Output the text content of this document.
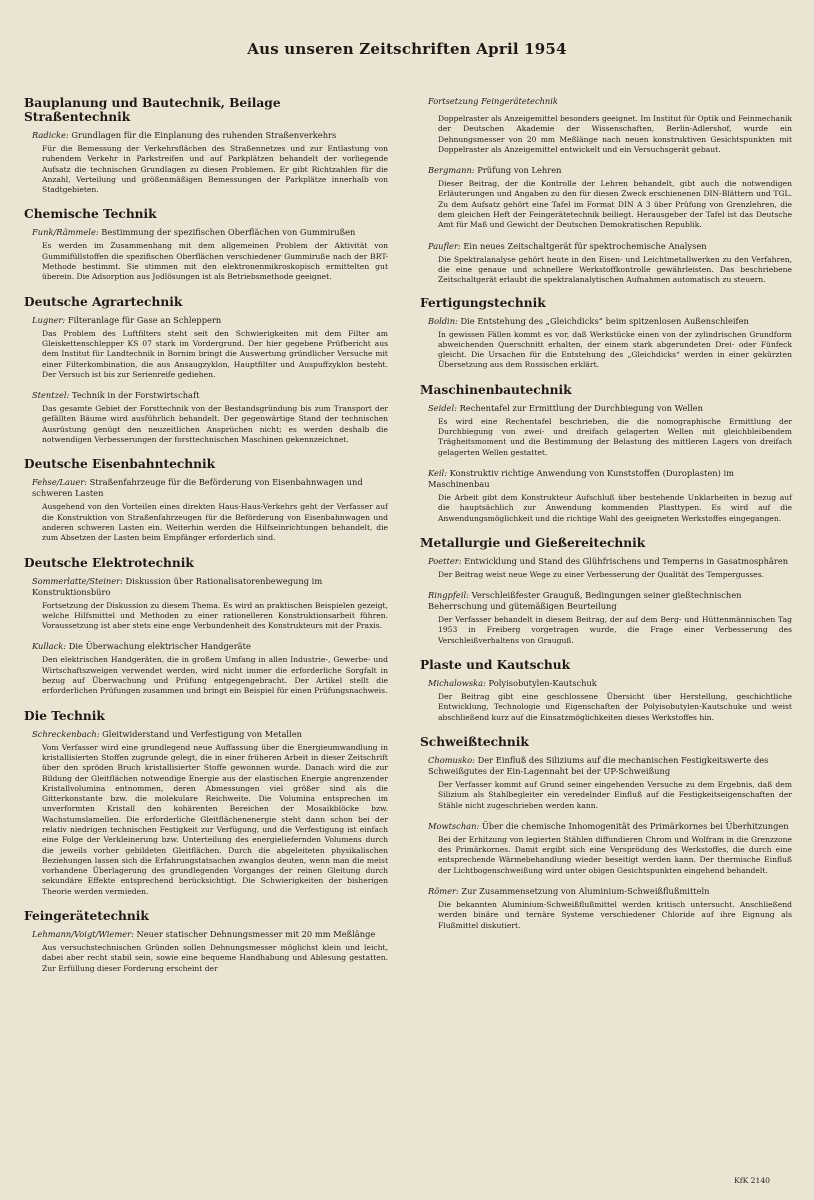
Aus unseren Zeitschriften April 1954
Bauplanung und Bautechnik, Beilage Straßentechnik
Radicke: Grundlagen für die Einplanung des ruhenden Straßenverkehrs
Für die Bemessung der Verkehrsflächen des Straßennetzes und zur Entlastung von ruhendem Verkehr in Parkstreifen und auf Parkplätzen behandelt der vorliegende Aufsatz die technischen Grundlagen zu diesen Problemen. Er gibt Richtzahlen für die Anzahl, Verteilung und größenmäßigen Bemessungen der Parkplätze innerhalb von Stadtgebieten.
Chemische Technik
Funk/Rämmele: Bestimmung der spezifischen Oberflächen von Gummirußen
Es werden im Zusammenhang mit dem allgemeinen Problem der Aktivität von Gummifüllstoffen die spezifischen Oberflächen verschiedener Gummiruße nach der BRT-Methode bestimmt. Sie stimmen mit den elektronenmikroskopisch ermittelten gut überein. Die Adsorption aus Jodlösungen ist als Betriebsmethode geeignet.
Deutsche Agrartechnik
Lugner: Filteranlage für Gase an Schleppern
Das Problem des Luftfilters steht seit den Schwierigkeiten mit dem Filter am Gleiskettenschlepper KS 07 stark im Vordergrund. Der hier gegebene Prüfbericht aus dem Institut für Landtechnik in Bornim bringt die Auswertung gründlicher Versuche mit einer Filterkombination, die aus Ansaugzyklon, Hauptfilter und Auspuffzyklon besteht. Der Versuch ist bis zur Serienreife gediehen.
Stentzel: Technik in der Forstwirtschaft
Das gesamte Gebiet der Forsttechnik von der Bestandsgründung bis zum Transport der gefällten Bäume wird ausführlich behandelt. Der gegenwärtige Stand der technischen Ausrüstung genügt den neuzeitlichen Ansprüchen nicht; es werden deshalb die notwendigen Verbesserungen der forsttechnischen Maschinen gekennzeichnet.
Deutsche Eisenbahntechnik
Fehse/Lauer: Straßenfahrzeuge für die Beförderung von Eisenbahnwagen und schweren Lasten
Ausgehend von den Vorteilen eines direkten Haus-Haus-Verkehrs geht der Verfasser auf die Konstruktion von Straßenfahrzeugen für die Beförderung von Eisenbahnwagen und anderen schweren Lasten ein. Weiterhin werden die Hilfseinrichtungen behandelt, die zum Absetzen der Lasten beim Empfänger erforderlich sind.
Deutsche Elektrotechnik
Sommerlatte/Steiner: Diskussion über Rationalisatorenbewegung im Konstruktionsbüro
Fortsetzung der Diskussion zu diesem Thema. Es wird an praktischen Beispielen gezeigt, welche Hilfsmittel und Methoden zu einer rationelleren Konstruktionsarbeit führen. Voraussetzung ist aber stets eine enge Verbundenheit des Konstrukteurs mit der Praxis.
Kullack: Die Überwachung elektrischer Handgeräte
Den elektrischen Handgeräten, die in großem Umfang in allen Industrie-, Gewerbe- und Wirtschaftszweigen verwendet werden, wird nicht immer die erforderliche Sorgfalt in bezug auf Überwachung und Prüfung entgegengebracht. Der Artikel stellt die erforderlichen Prüfungen zusammen und bringt ein Beispiel für einen Prüfungsnachweis.
Die Technik
Schreckenbach: Gleitwiderstand und Verfestigung von Metallen
Vom Verfasser wird eine grundlegend neue Auffassung über die Energieumwandlung in kristallisierten Stoffen zugrunde gelegt, die in einer früheren Arbeit in dieser Zeitschrift über den spröden Bruch kristallisierter Stoffe gewonnen wurde. Danach wird die zur Bildung der Gleitflächen notwendige Energie aus der elastischen Energie angrenzender Kristallvolumina entnommen, deren Abmessungen viel größer sind als die Gitterkonstante bzw. die molekulare Reichweite. Die Volumina entsprechen im unverformten Kristall den kohärenten Bereichen der Mosaikblöcke bzw. Wachstumslamellen. Die erforderliche Gleitflächenenergie steht dann schon bei der relativ niedrigen technischen Festigkeit zur Verfügung, und die Verfestigung ist einfach eine Folge der Verkleinerung bzw. Unterteilung des energieliefernden Volumens durch die jeweils vorher gebildeten Gleitflächen. Durch die abgeleiteten physikalischen Beziehungen lassen sich die Erfahrungstatsachen zwanglos deuten, wenn man die meist vorhandene Überlagerung des grundlegenden Vorganges der reinen Gleitung durch sekundäre Effekte entsprechend berücksichtigt. Die Schwierigkeiten der bisherigen Theorie werden vermieden.
Feingerätetechnik
Lehmann/Voigt/Wiemer: Neuer statischer Dehnungsmesser mit 20 mm Meßlänge
Aus versuchstechnischen Gründen sollen Dehnungsmesser möglichst klein und leicht, dabei aber recht stabil sein, sowie eine bequeme Handhabung und Ablesung gestatten. Zur Erfüllung dieser Forderung erscheint der
Fortsetzung Feingerätetechnik
Doppelraster als Anzeigemittel besonders geeignet. Im Institut für Optik und Feinmechanik der Deutschen Akademie der Wissenschaften, Berlin-Adlershof, wurde ein Dehnungsmesser von 20 mm Meßlänge nach neuen konstruktiven Gesichtspunkten mit Doppelraster als Anzeigemittel entwickelt und ein Versuchsgerät gebaut.
Bergmann: Prüfung von Lehren
Dieser Beitrag, der die Kontrolle der Lehren behandelt, gibt auch die notwendigen Erläuterungen und Angaben zu den für diesen Zweck erschienenen DIN-Blättern und TGL. Zu dem Aufsatz gehört eine Tafel im Format DIN A 3 über Prüfung von Grenzlehren, die dem gleichen Heft der Feingerätetechnik beiliegt. Herausgeber der Tafel ist das Deutsche Amt für Maß und Gewicht der Deutschen Demokratischen Republik.
Paufler: Ein neues Zeitschaltgerät für spektrochemische Analysen
Die Spektralanalyse gehört heute in den Eisen- und Leichtmetallwerken zu den Verfahren, die eine genaue und schnellere Werkstoffkontrolle gewährleisten. Das beschriebene Zeitschaltgerät erlaubt die spektralanalytischen Aufnahmen automatisch zu steuern.
Fertigungstechnik
Boldin: Die Entstehung des „Gleichdicks“ beim spitzenlosen Außenschleifen
In gewissen Fällen kommt es vor, daß Werkstücke einen von der zylindrischen Grundform abweichenden Querschnitt erhalten, der einem stark abgerundeten Drei- oder Fünfeck gleicht. Die Ursachen für die Entstehung des „Gleichdicks“ werden in einer gekürzten Übersetzung aus dem Russischen erklärt.
Maschinenbautechnik
Seidel: Rechentafel zur Ermittlung der Durchbiegung von Wellen
Es wird eine Rechentafel beschrieben, die die nomographische Ermittlung der Durchbiegung von zwei- und dreifach gelagerten Wellen mit gleichbleibendem Trägheitsmoment und die Bestimmung der Belastung des mittleren Lagers von dreifach gelagerten Wellen gestattet.
Keil: Konstruktiv richtige Anwendung von Kunststoffen (Duroplasten) im Maschinenbau
Die Arbeit gibt dem Konstrukteur Aufschluß über bestehende Unklarheiten in bezug auf die hauptsächlich zur Anwendung kommenden Plasttypen. Es wird auf die Anwendungsmöglichkeit und die richtige Wahl des geeigneten Werkstoffes eingegangen.
Metallurgie und Gießereitechnik
Poetter: Entwicklung und Stand des Glühfrischens und Temperns in Gasatmosphären
Der Beitrag weist neue Wege zu einer Verbesserung der Qualität des Tempergusses.
Ringpfeil: Verschleißfester Grauguß, Bedingungen seiner gießtechnischen Beherrschung und gütemäßigen Beurteilung
Der Verfasser behandelt in diesem Beitrag, der auf dem Berg- und Hüttenmännischen Tag 1953 in Freiberg vorgetragen wurde, die Frage einer Verbesserung des Verschleißverhaltens von Grauguß.
Plaste und Kautschuk
Michalowska: Polyisobutylen-Kautschuk
Der Beitrag gibt eine geschlossene Übersicht über Herstellung, geschichtliche Entwicklung, Technologie und Eigenschaften der Polyisobutylen-Kautschuke und weist abschließend kurz auf die Einsatzmöglichkeiten dieses Werkstoffes hin.
Schweißtechnik
Chomusko: Der Einfluß des Siliziums auf die mechanischen Festigkeitswerte des Schweißgutes der Ein-Lagennaht bei der UP-Schweißung
Der Verfasser kommt auf Grund seiner eingehenden Versuche zu dem Ergebnis, daß dem Silizium als Stahlbegleiter ein veredelnder Einfluß auf die Festigkeitseigenschaften der Stähle nicht zugeschrieben werden kann.
Mowtschan: Über die chemische Inhomogenität des Primärkornes bei Überhitzungen
Bei der Erhitzung von legierten Stählen diffundieren Chrom und Wolfram in die Grenzzone des Primärkornes. Damit ergibt sich eine Versprödung des Werkstoffes, die durch eine entsprechende Wärmebehandlung wieder beseitigt werden kann. Der thermische Einfluß der Lichtbogenschweißung wird unter obigen Gesichtspunkten eingehend behandelt.
Römer: Zur Zusammensetzung von Aluminium-Schweißflußmitteln
Die bekannten Aluminium-Schweißflußmittel werden kritisch untersucht. Anschließend werden binäre und ternäre Systeme verschiedener Chloride auf ihre Eignung als Flußmittel diskutiert.
KfK 2140
